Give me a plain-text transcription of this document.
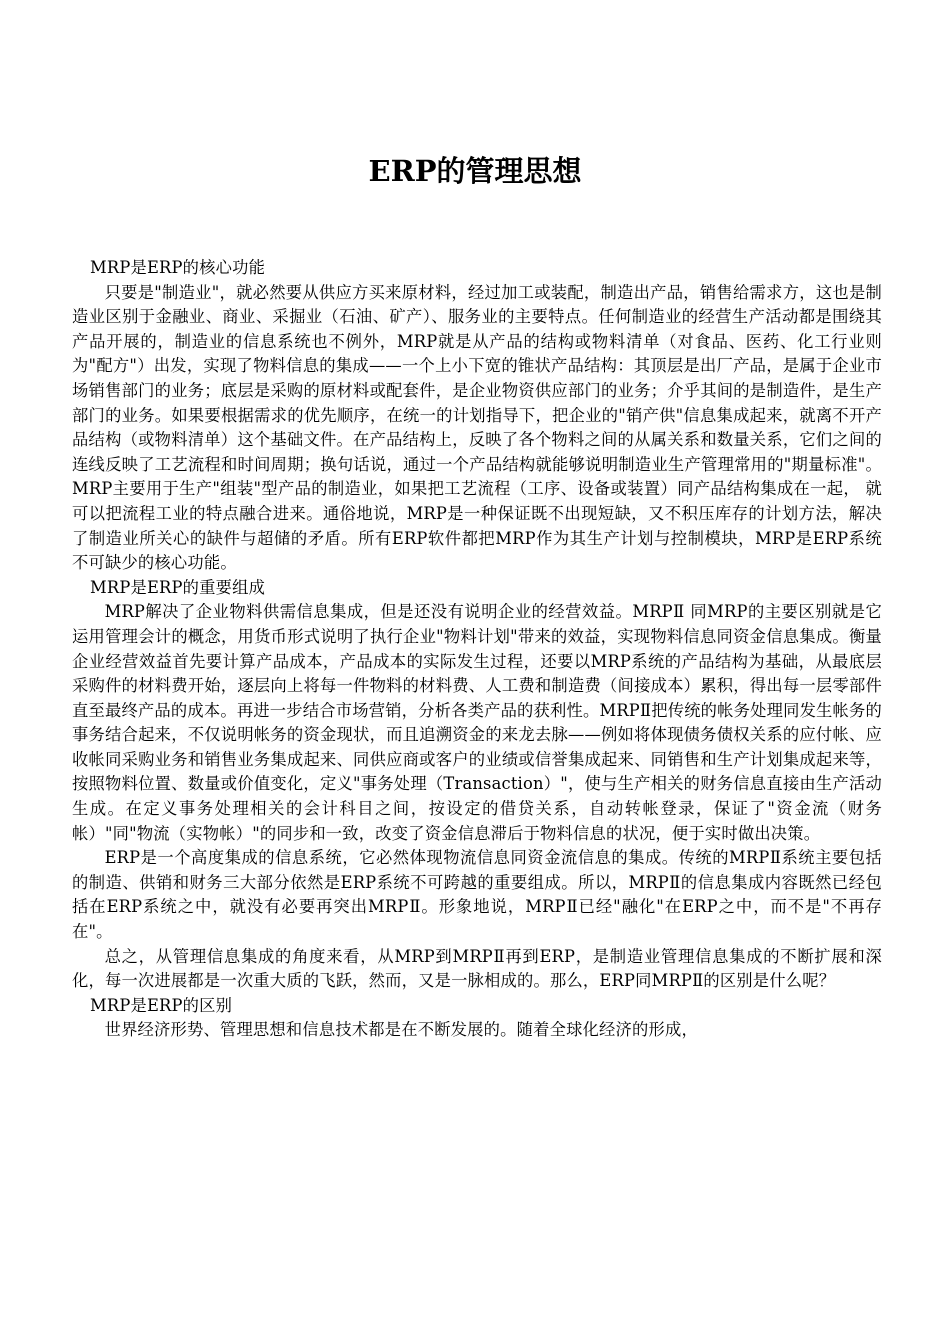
ERP的管理思想

MRP是ERP的核心功能

只要是"制造业"，就必然要从供应方买来原材料，经过加工或装配，制造出产品，销售给需求方，这也是制造业区别于金融业、商业、采掘业（石油、矿产）、服务业的主要特点。任何制造业的经营生产活动都是围绕其产品开展的，制造业的信息系统也不例外，MRP就是从产品的结构或物料清单（对食品、医药、化工行业则为"配方"）出发，实现了物料信息的集成——一个上小下宽的锥状产品结构：其顶层是出厂产品，是属于企业市场销售部门的业务；底层是采购的原材料或配套件，是企业物资供应部门的业务；介乎其间的是制造件，是生产部门的业务。如果要根据需求的优先顺序，在统一的计划指导下，把企业的"销产供"信息集成起来，就离不开产品结构（或物料清单）这个基础文件。在产品结构上，反映了各个物料之间的从属关系和数量关系，它们之间的连线反映了工艺流程和时间周期；换句话说，通过一个产品结构就能够说明制造业生产管理常用的"期量标准"。MRP主要用于生产"组装"型产品的制造业，如果把工艺流程（工序、设备或装置）同产品结构集成在一起， 就可以把流程工业的特点融合进来。通俗地说，MRP是一种保证既不出现短缺，又不积压库存的计划方法，解决了制造业所关心的缺件与超储的矛盾。所有ERP软件都把MRP作为其生产计划与控制模块，MRP是ERP系统不可缺少的核心功能。

MRP是ERP的重要组成

MRP解决了企业物料供需信息集成，但是还没有说明企业的经营效益。MRPⅡ 同MRP的主要区别就是它运用管理会计的概念，用货币形式说明了执行企业"物料计划"带来的效益，实现物料信息同资金信息集成。衡量企业经营效益首先要计算产品成本，产品成本的实际发生过程，还要以MRP系统的产品结构为基础，从最底层采购件的材料费开始，逐层向上将每一件物料的材料费、人工费和制造费（间接成本）累积，得出每一层零部件直至最终产品的成本。再进一步结合市场营销，分析各类产品的获利性。MRPⅡ把传统的帐务处理同发生帐务的事务结合起来，不仅说明帐务的资金现状，而且追溯资金的来龙去脉——例如将体现债务债权关系的应付帐、应收帐同采购业务和销售业务集成起来、同供应商或客户的业绩或信誉集成起来、同销售和生产计划集成起来等，按照物料位置、数量或价值变化，定义"事务处理（Transaction）"，使与生产相关的财务信息直接由生产活动生成。在定义事务处理相关的会计科目之间，按设定的借贷关系，自动转帐登录，保证了"资金流（财务帐）"同"物流（实物帐）"的同步和一致，改变了资金信息滞后于物料信息的状况，便于实时做出决策。

ERP是一个高度集成的信息系统，它必然体现物流信息同资金流信息的集成。传统的MRPⅡ系统主要包括的制造、供销和财务三大部分依然是ERP系统不可跨越的重要组成。所以，MRPⅡ的信息集成内容既然已经包括在ERP系统之中，就没有必要再突出MRPⅡ。形象地说，MRPⅡ已经"融化"在ERP之中，而不是"不再存在"。

总之，从管理信息集成的角度来看，从MRP到MRPⅡ再到ERP，是制造业管理信息集成的不断扩展和深化，每一次进展都是一次重大质的飞跃，然而，又是一脉相成的。那么，ERP同MRPⅡ的区别是什么呢？

MRP是ERP的区别

世界经济形势、管理思想和信息技术都是在不断发展的。随着全球化经济的形成，
